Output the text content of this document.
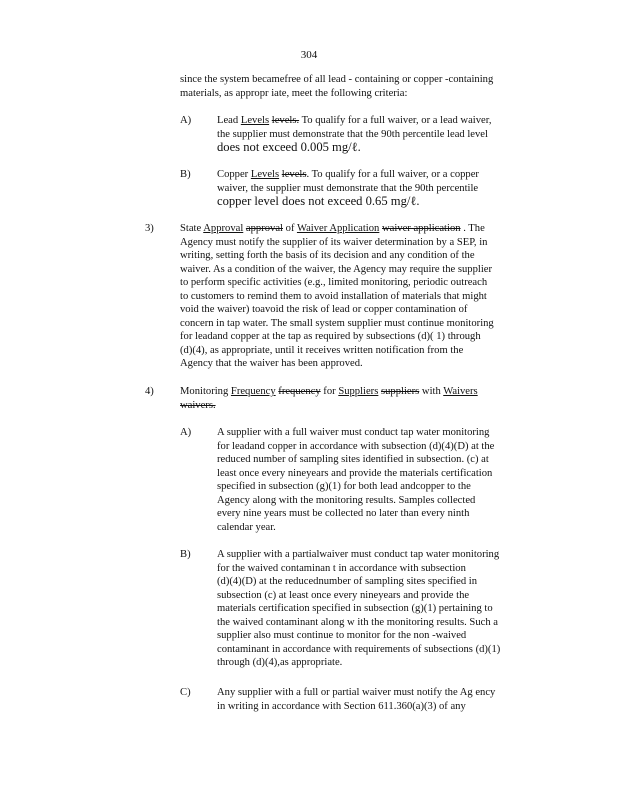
304
since the system becamefree of all lead - containing or copper -containing
materials, as appropr iate, meet the following criteria:
A) Lead Levels levels. To qualify for a full waiver, or a lead waiver,
the supplier must demonstrate that the 90th percentile lead level
does not exceed 0.005 mg/ℓ.
B) Copper Levels levels. To qualify for a full waiver, or a copper
waiver, the supplier must demonstrate that the 90th percentile
copper level does not exceed 0.65 mg/ℓ.
3) State Approval approval of Waiver Application waiver application . The
Agency must notify the supplier of its waiver determination by a SEP, in
writing, setting forth the basis of its decision and any condition of the
waiver. As a condition of the waiver, the Agency may require the supplier
to perform specific activities (e.g., limited monitoring, periodic outreach
to customers to remind them to avoid installation of materials that might
void the waiver) toavoid the risk of lead or copper contamination of
concern in tap water. The small system supplier must continue monitoring
for leadand copper at the tap as required by subsections (d)( 1) through
(d)(4), as appropriate, until it receives written notification from the
Agency that the waiver has been approved.
4) Monitoring Frequency frequency for Suppliers suppliers with Waivers
waivers.
A) A supplier with a full waiver must conduct tap water monitoring
for leadand copper in accordance with subsection (d)(4)(D) at the
reduced number of sampling sites identified in subsection. (c) at
least once every nineyears and provide the materials certification
specified in subsection (g)(1) for both lead andcopper to the
Agency along with the monitoring results. Samples collected
every nine years must be collected no later than every ninth
calendar year.
B) A supplier with a partialwaiver must conduct tap water monitoring
for the waived contaminan t in accordance with subsection
(d)(4)(D) at the reducednumber of sampling sites specified in
subsection (c) at least once every nineyears and provide the
materials certification specified in subsection (g)(1) pertaining to
the waived contaminant along w ith the monitoring results. Such a
supplier also must continue to monitor for the non -waived
contaminant in accordance with requirements of subsections (d)(1)
through (d)(4),as appropriate.
C) Any supplier with a full or partial waiver must notify the Ag ency
in writing in accordance with Section 611.360(a)(3) of any
